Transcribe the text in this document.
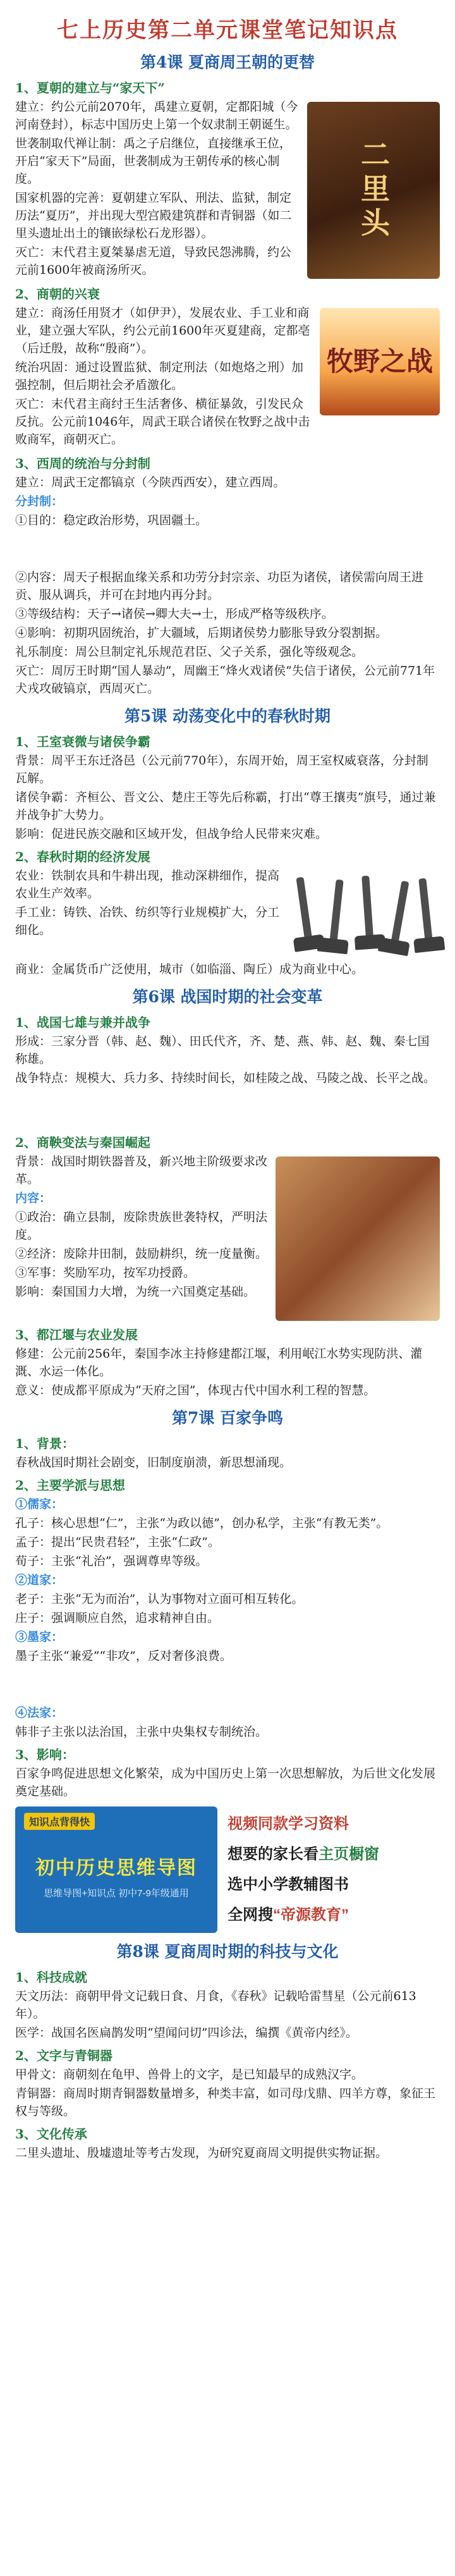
七上历史第二单元课堂笔记知识点
第4课 夏商周王朝的更替
1、夏朝的建立与“家天下”

建立：约公元前2070年，禹建立夏朝，定都阳城（今河南登封），标志中国历史上第一个奴隶制王朝诞生。

世袭制取代禅让制：禹之子启继位，直接继承王位，开启“家天下”局面，世袭制成为王朝传承的核心制度。

国家机器的完善：夏朝建立军队、刑法、监狱，制定历法“夏历”，并出现大型宫殿建筑群和青铜器（如二里头遗址出土的镶嵌绿松石龙形器）。

灭亡：末代君主夏桀暴虐无道，导致民怨沸腾，约公元前1600年被商汤所灭。

二里头
2、商朝的兴衰

建立：商汤任用贤才（如伊尹），发展农业、手工业和商业，建立强大军队，约公元前1600年灭夏建商，定都亳（后迁殷，故称“殷商”）。

统治巩固：通过设置监狱、制定刑法（如炮烙之刑）加强控制，但后期社会矛盾激化。

灭亡：末代君主商纣王生活奢侈、横征暴敛，引发民众反抗。公元前1046年，周武王联合诸侯在牧野之战中击败商军，商朝灭亡。

牧野之战
3、西周的统治与分封制

建立：周武王定都镐京（今陕西西安），建立西周。

分封制：

①目的：稳定政治形势，巩固疆土。

②内容：周天子根据血缘关系和功劳分封宗亲、功臣为诸侯，诸侯需向周王进贡、服从调兵，并可在封地内再分封。

③等级结构：天子→诸侯→卿大夫→士，形成严格等级秩序。

④影响：初期巩固统治，扩大疆域，后期诸侯势力膨胀导致分裂割据。

礼乐制度：周公旦制定礼乐规范君臣、父子关系，强化等级观念。

灭亡：周厉王时期“国人暴动”，周幽王“烽火戏诸侯”失信于诸侯，公元前771年犬戎攻破镐京，西周灭亡。

第5课 动荡变化中的春秋时期
1、王室衰微与诸侯争霸

背景：周平王东迁洛邑（公元前770年），东周开始，周王室权威衰落，分封制瓦解。

诸侯争霸：齐桓公、晋文公、楚庄王等先后称霸，打出“尊王攘夷”旗号，通过兼并战争扩大势力。

影响：促进民族交融和区域开发，但战争给人民带来灾难。

2、春秋时期的经济发展

农业：铁制农具和牛耕出现，推动深耕细作，提高农业生产效率。

手工业：铸铁、冶铁、纺织等行业规模扩大，分工细化。

商业：金属货币广泛使用，城市（如临淄、陶丘）成为商业中心。

第6课 战国时期的社会变革
1、战国七雄与兼并战争

形成：三家分晋（韩、赵、魏）、田氏代齐，齐、楚、燕、韩、赵、魏、秦七国称雄。

战争特点：规模大、兵力多、持续时间长，如桂陵之战、马陵之战、长平之战。

2、商鞅变法与秦国崛起

背景：战国时期铁器普及，新兴地主阶级要求改革。

内容：

①政治：确立县制，废除贵族世袭特权，严明法度。

②经济：废除井田制，鼓励耕织，统一度量衡。

③军事：奖励军功，按军功授爵。

影响：秦国国力大增，为统一六国奠定基础。

3、都江堰与农业发展

修建：公元前256年，秦国李冰主持修建都江堰，利用岷江水势实现防洪、灌溉、水运一体化。

意义：使成都平原成为“天府之国”，体现古代中国水利工程的智慧。

第7课 百家争鸣
1、背景：

春秋战国时期社会剧变，旧制度崩溃，新思想涌现。

2、主要学派与思想

①儒家：

孔子：核心思想“仁”，主张“为政以德”，创办私学，主张“有教无类”。

孟子：提出“民贵君轻”，主张“仁政”。

荀子：主张“礼治”，强调尊卑等级。

②道家：

老子：主张“无为而治”，认为事物对立面可相互转化。

庄子：强调顺应自然，追求精神自由。

③墨家：

墨子主张“兼爱”“非攻”，反对奢侈浪费。

④法家：

韩非子主张以法治国，主张中央集权专制统治。

3、影响：

百家争鸣促进思想文化繁荣，成为中国历史上第一次思想解放，为后世文化发展奠定基础。

知识点背得快
初中历史思维导图
思维导图+知识点 初中7-9年级通用
视频同款学习资料
想要的家长看主页橱窗
选中小学教辅图书
全网搜“帝源教育”
第8课 夏商周时期的科技与文化
1、科技成就

天文历法：商朝甲骨文记载日食、月食，《春秋》记载哈雷彗星（公元前613年）。

医学：战国名医扁鹊发明“望闻问切”四诊法，编撰《黄帝内经》。

2、文字与青铜器

甲骨文：商朝刻在龟甲、兽骨上的文字，是已知最早的成熟汉字。

青铜器：商周时期青铜器数量增多，种类丰富，如司母戊鼎、四羊方尊，象征王权与等级。

3、文化传承

二里头遗址、殷墟遗址等考古发现，为研究夏商周文明提供实物证据。
